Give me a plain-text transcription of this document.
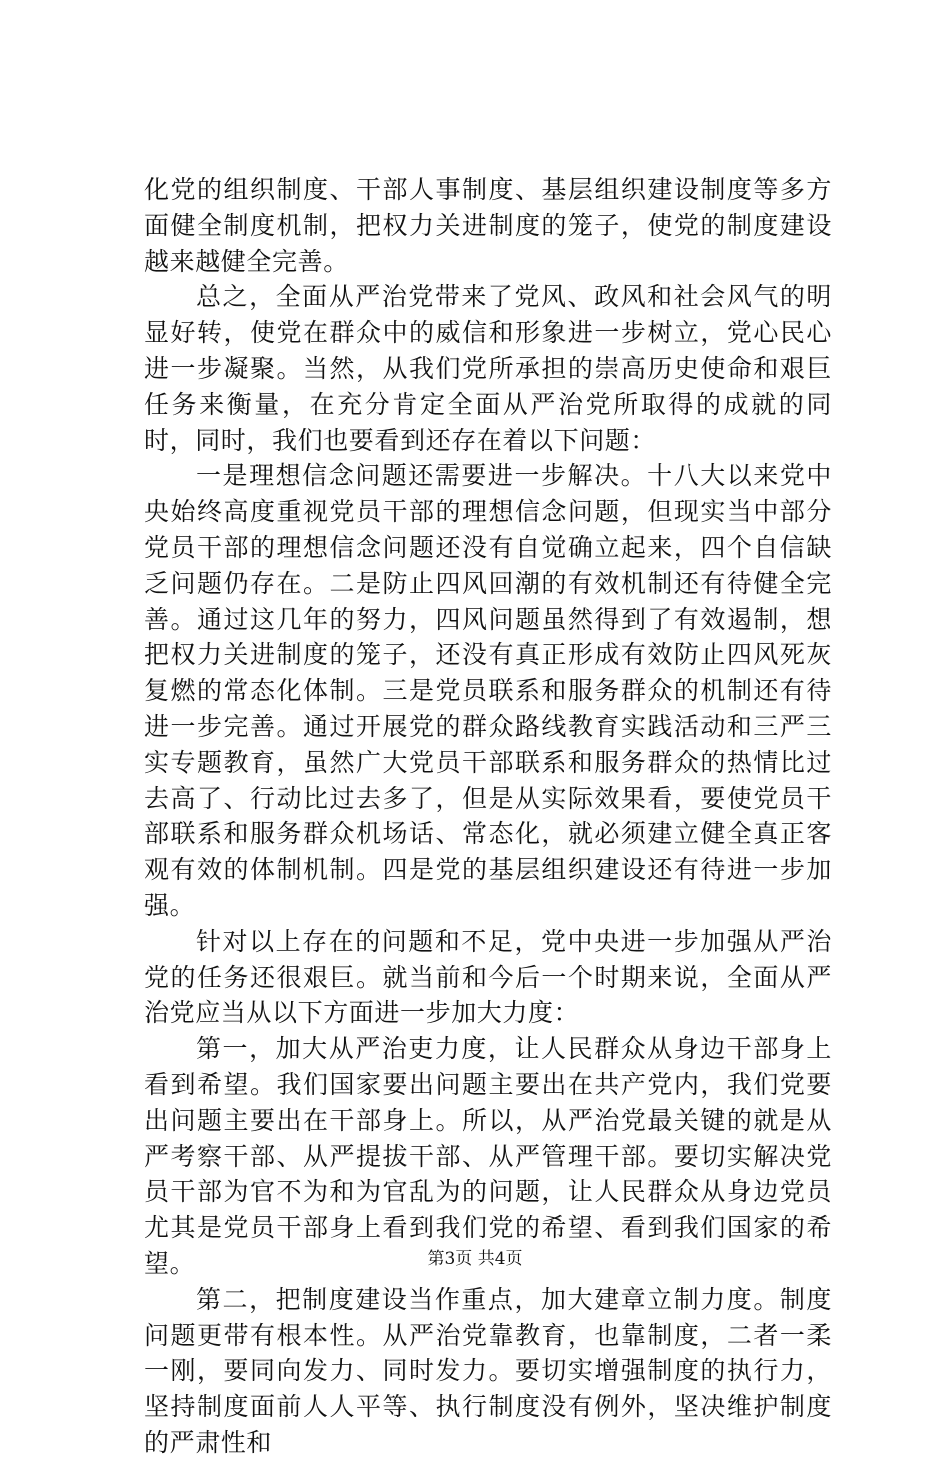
化党的组织制度、干部人事制度、基层组织建设制度等多方面健全制度机制，把权力关进制度的笼子，使党的制度建设越来越健全完善。

总之，全面从严治党带来了党风、政风和社会风气的明显好转，使党在群众中的威信和形象进一步树立，党心民心进一步凝聚。当然，从我们党所承担的崇高历史使命和艰巨任务来衡量，在充分肯定全面从严治党所取得的成就的同时，同时，我们也要看到还存在着以下问题：

一是理想信念问题还需要进一步解决。十八大以来党中央始终高度重视党员干部的理想信念问题，但现实当中部分党员干部的理想信念问题还没有自觉确立起来，四个自信缺乏问题仍存在。二是防止四风回潮的有效机制还有待健全完善。通过这几年的努力，四风问题虽然得到了有效遏制，想把权力关进制度的笼子，还没有真正形成有效防止四风死灰复燃的常态化体制。三是党员联系和服务群众的机制还有待进一步完善。通过开展党的群众路线教育实践活动和三严三实专题教育，虽然广大党员干部联系和服务群众的热情比过去高了、行动比过去多了，但是从实际效果看，要使党员干部联系和服务群众机场话、常态化，就必须建立健全真正客观有效的体制机制。四是党的基层组织建设还有待进一步加强。

针对以上存在的问题和不足，党中央进一步加强从严治党的任务还很艰巨。就当前和今后一个时期来说，全面从严治党应当从以下方面进一步加大力度：

第一，加大从严治吏力度，让人民群众从身边干部身上看到希望。我们国家要出问题主要出在共产党内，我们党要出问题主要出在干部身上。所以，从严治党最关键的就是从严考察干部、从严提拔干部、从严管理干部。要切实解决党员干部为官不为和为官乱为的问题，让人民群众从身边党员尤其是党员干部身上看到我们党的希望、看到我们国家的希望。

第二，把制度建设当作重点，加大建章立制力度。制度问题更带有根本性。从严治党靠教育，也靠制度，二者一柔一刚，要同向发力、同时发力。要切实增强制度的执行力，坚持制度面前人人平等、执行制度没有例外，坚决维护制度的严肃性和

第3页 共4页
